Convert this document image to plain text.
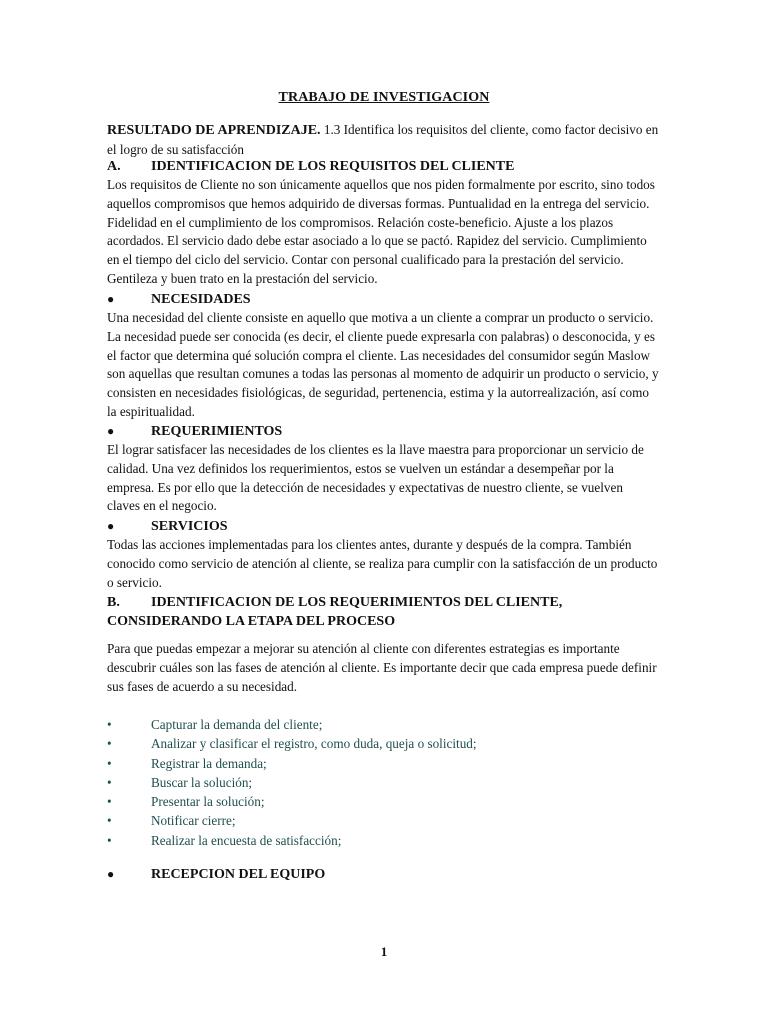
TRABAJO DE INVESTIGACION
RESULTADO DE APRENDIZAJE. 1.3 Identifica los requisitos del cliente, como factor decisivo en el logro de su satisfacción
A. IDENTIFICACION DE LOS REQUISITOS DEL CLIENTE
Los requisitos de Cliente no son únicamente aquellos que nos piden formalmente por escrito, sino todos aquellos compromisos que hemos adquirido de diversas formas. Puntualidad en la entrega del servicio. Fidelidad en el cumplimiento de los compromisos. Relación coste-beneficio. Ajuste a los plazos acordados. El servicio dado debe estar asociado a lo que se pactó. Rapidez del servicio. Cumplimiento en el tiempo del ciclo del servicio. Contar con personal cualificado para la prestación del servicio. Gentileza y buen trato en la prestación del servicio.
●	NECESIDADES
Una necesidad del cliente consiste en aquello que motiva a un cliente a comprar un producto o servicio. La necesidad puede ser conocida (es decir, el cliente puede expresarla con palabras) o desconocida, y es el factor que determina qué solución compra el cliente. Las necesidades del consumidor según Maslow son aquellas que resultan comunes a todas las personas al momento de adquirir un producto o servicio, y consisten en necesidades fisiológicas, de seguridad, pertenencia, estima y la autorrealización, así como la espiritualidad.
●	REQUERIMIENTOS
El lograr satisfacer las necesidades de los clientes es la llave maestra para proporcionar un servicio de calidad. Una vez definidos los requerimientos, estos se vuelven un estándar a desempeñar por la empresa. Es por ello que la detección de necesidades y expectativas de nuestro cliente, se vuelven claves en el negocio.
●	SERVICIOS
Todas las acciones implementadas para los clientes antes, durante y después de la compra. También conocido como servicio de atención al cliente, se realiza para cumplir con la satisfacción de un producto o servicio.
B. IDENTIFICACION DE LOS REQUERIMIENTOS DEL CLIENTE,
CONSIDERANDO LA ETAPA DEL PROCESO
Para que puedas empezar a mejorar su atención al cliente con diferentes estrategias es importante descubrir cuáles son las fases de atención al cliente. Es importante decir que cada empresa puede definir sus fases de acuerdo a su necesidad.
•	Capturar la demanda del cliente;
•	Analizar y clasificar el registro, como duda, queja o solicitud;
•	Registrar la demanda;
•	Buscar la solución;
•	Presentar la solución;
•	Notificar cierre;
•	Realizar la encuesta de satisfacción;
●	RECEPCION DEL EQUIPO
1
